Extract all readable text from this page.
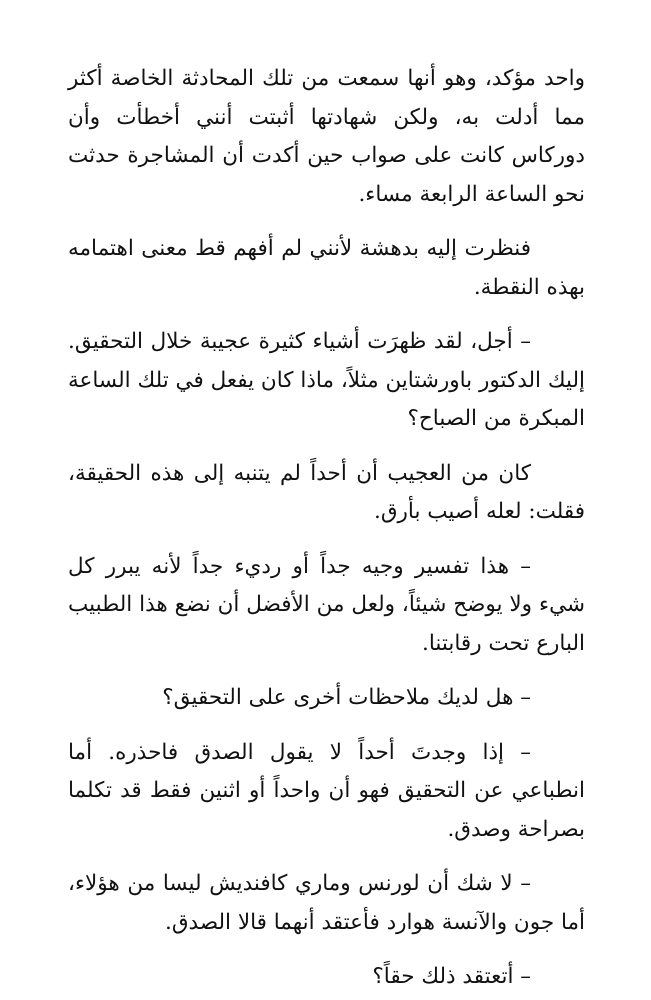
واحد مؤكد، وهو أنها سمعت من تلك المحادثة الخاصة أكثر مما أدلت به، ولكن شهادتها أثبتت أنني أخطأت وأن دوركاس كانت على صواب حين أكدت أن المشاجرة حدثت نحو الساعة الرابعة مساء.

فنظرت إليه بدهشة لأنني لم أفهم قط معنى اهتمامه بهذه النقطة.

– أجل، لقد ظهرَت أشياء كثيرة عجيبة خلال التحقيق. إليك الدكتور باورشتاين مثلاً، ماذا كان يفعل في تلك الساعة المبكرة من الصباح؟

كان من العجيب أن أحداً لم يتنبه إلى هذه الحقيقة، فقلت: لعله أصيب بأرق.

– هذا تفسير وجيه جداً أو رديء جداً لأنه يبرر كل شيء ولا يوضح شيئاً، ولعل من الأفضل أن نضع هذا الطبيب البارع تحت رقابتنا.

– هل لديك ملاحظات أخرى على التحقيق؟

– إذا وجدتَ أحداً لا يقول الصدق فاحذره. أما انطباعي عن التحقيق فهو أن واحداً أو اثنين فقط قد تكلما بصراحة وصدق.

– لا شك أن لورنس وماري كافنديش ليسا من هؤلاء، أما جون والآنسة هوارد فأعتقد أنهما قالا الصدق.

– أتعتقد ذلك حقاً؟
